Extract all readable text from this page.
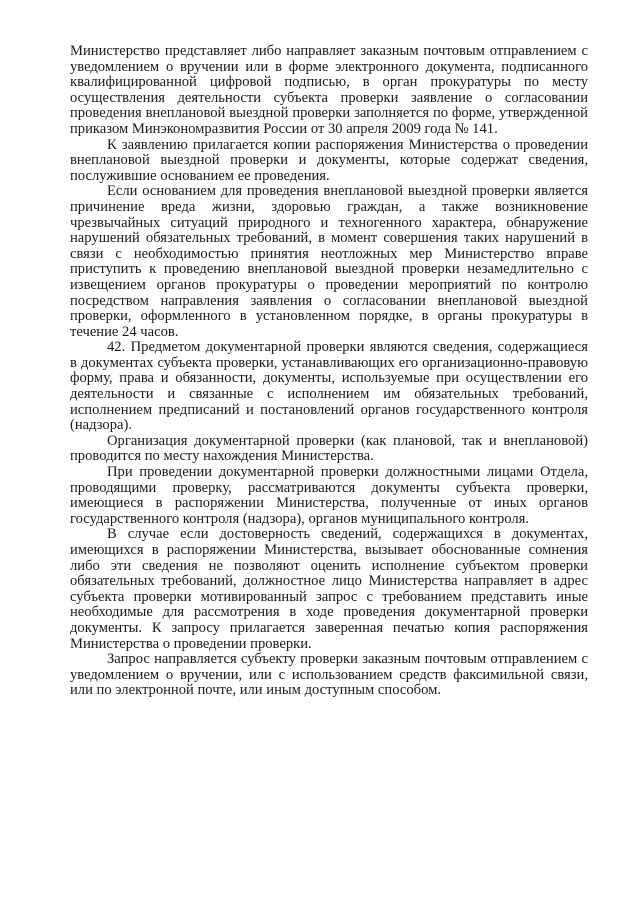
Министерство представляет либо направляет заказным почтовым отправлением с уведомлением о вручении или в форме электронного документа, подписанного квалифицированной цифровой подписью, в орган прокуратуры по месту осуществления деятельности субъекта проверки заявление о согласовании проведения внеплановой выездной проверки заполняется по форме, утвержденной приказом Минэкономразвития России от 30 апреля 2009 года № 141.

К заявлению прилагается копии распоряжения Министерства о проведении внеплановой выездной проверки и документы, которые содержат сведения, послужившие основанием ее проведения.

Если основанием для проведения внеплановой выездной проверки является причинение вреда жизни, здоровью граждан, а также возникновение чрезвычайных ситуаций природного и техногенного характера, обнаружение нарушений обязательных требований, в момент совершения таких нарушений в связи с необходимостью принятия неотложных мер Министерство вправе приступить к проведению внеплановой выездной проверки незамедлительно с извещением органов прокуратуры о проведении мероприятий по контролю посредством направления заявления о согласовании внеплановой выездной проверки, оформленного в установленном порядке, в органы прокуратуры в течение 24 часов.

42. Предметом документарной проверки являются сведения, содержащиеся в документах субъекта проверки, устанавливающих его организационно-правовую форму, права и обязанности, документы, используемые при осуществлении его деятельности и связанные с исполнением им обязательных требований, исполнением предписаний и постановлений органов государственного контроля (надзора).

Организация документарной проверки (как плановой, так и внеплановой) проводится по месту нахождения Министерства.

При проведении документарной проверки должностными лицами Отдела, проводящими проверку, рассматриваются документы субъекта проверки, имеющиеся в распоряжении Министерства, полученные от иных органов государственного контроля (надзора), органов муниципального контроля.

В случае если достоверность сведений, содержащихся в документах, имеющихся в распоряжении Министерства, вызывает обоснованные сомнения либо эти сведения не позволяют оценить исполнение субъектом проверки обязательных требований, должностное лицо Министерства направляет в адрес субъекта проверки мотивированный запрос с требованием представить иные необходимые для рассмотрения в ходе проведения документарной проверки документы. К запросу прилагается заверенная печатью копия распоряжения Министерства о проведении проверки.

Запрос направляется субъекту проверки заказным почтовым отправлением с уведомлением о вручении, или с использованием средств факсимильной связи, или по электронной почте, или иным доступным способом.
